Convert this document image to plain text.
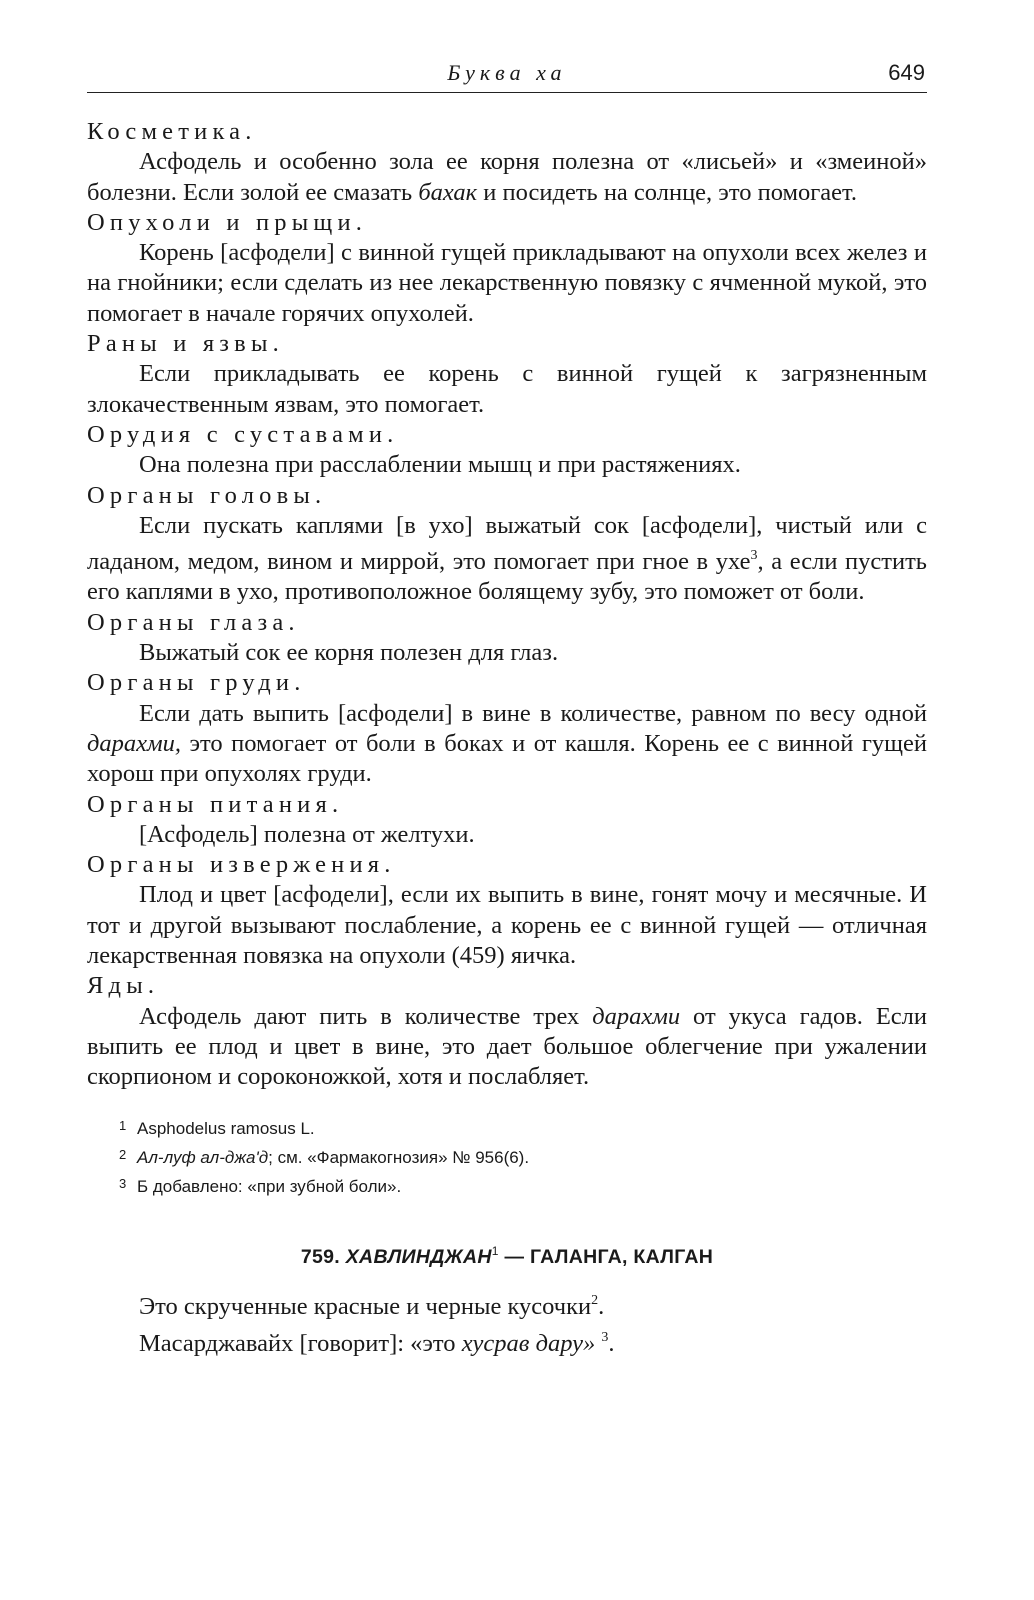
Буква ха	649

Косметика.

Асфодель и особенно зола ее корня полезна от «лисьей» и «змеиной» болезни. Если золой ее смазать бахак и посидеть на солнце, это помогает.

Опухоли и прыщи.

Корень [асфодели] с винной гущей прикладывают на опухоли всех желез и на гнойники; если сделать из нее лекарственную повязку с ячменной мукой, это помогает в начале горячих опухолей.

Раны и язвы.

Если прикладывать ее корень с винной гущей к загрязненным злокачественным язвам, это помогает.

Орудия с суставами.

Она полезна при расслаблении мышц и при растяжениях.

Органы головы.

Если пускать каплями [в ухо] выжатый сок [асфодели], чистый или с ладаном, медом, вином и миррой, это помогает при гное в ухе$^3$, а если пустить его каплями в ухо, противоположное болящему зубу, это поможет от боли.

Органы глаза.

Выжатый сок ее корня полезен для глаз.

Органы груди.

Если дать выпить [асфодели] в вине в количестве, равном по весу одной дарахми, это помогает от боли в боках и от кашля. Корень ее с винной гущей хорош при опухолях груди.

Органы питания.

[Асфодель] полезна от желтухи.

Органы извержения.

Плод и цвет [асфодели], если их выпить в вине, гонят мочу и месячные. И тот и другой вызывают послабление, а корень ее с винной гущей — отличная лекарственная повязка на опухоли (459) яичка.

Яды.

Асфодель дают пить в количестве трех дарахми от укуса гадов. Если выпить ее плод и цвет в вине, это дает большое облегчение при ужалении скорпионом и сороконожкой, хотя и послабляет.

1 Asphodelus ramosus L.

2 Ал-луф ал-джа'д; см. «Фармакогнозия» № 956(6).

3 Б добавлено: «при зубной боли».

759. ХАВЛИНДЖАН$^1$ — ГАЛАНГА, КАЛГАН

Это скрученные красные и черные кусочки$^2$.

Масарджавайх [говорит]: «это хусрав дару» $^3$.
